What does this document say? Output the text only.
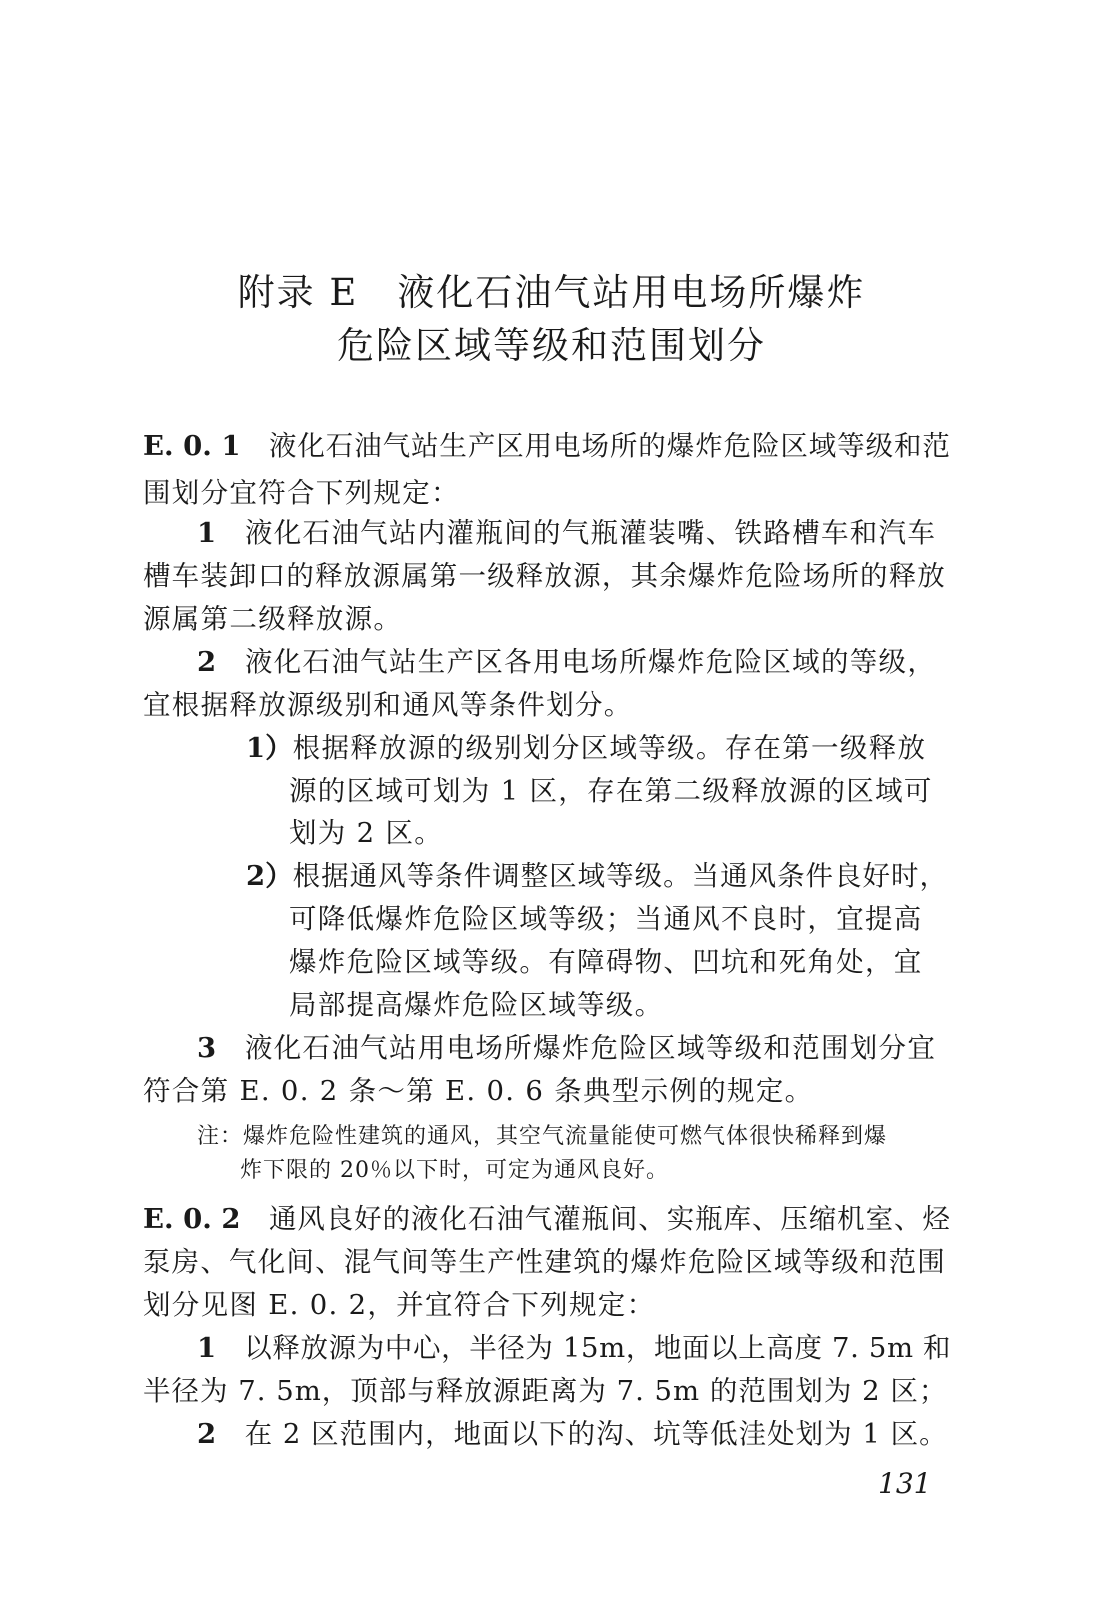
附录 E　液化石油气站用电场所爆炸
危险区域等级和范围划分
E. 0. 1　 液化石油气站生产区用电场所的爆炸危险区域等级和范
围划分宜符合下列规定：
1　 液化石油气站内灌瓶间的气瓶灌装嘴、铁路槽车和汽车
槽车装卸口的释放源属第一级释放源，其余爆炸危险场所的释放
源属第二级释放源。
2　 液化石油气站生产区各用电场所爆炸危险区域的等级，
宜根据释放源级别和通风等条件划分。
1）根据释放源的级别划分区域等级。存在第一级释放
源的区域可划为 1 区，存在第二级释放源的区域可
划为 2 区。
2）根据通风等条件调整区域等级。当通风条件良好时，
可降低爆炸危险区域等级；当通风不良时，宜提高
爆炸危险区域等级。有障碍物、凹坑和死角处，宜
局部提高爆炸危险区域等级。
3　 液化石油气站用电场所爆炸危险区域等级和范围划分宜
符合第 E. 0. 2 条～第 E. 0. 6 条典型示例的规定。
注：爆炸危险性建筑的通风，其空气流量能使可燃气体很快稀释到爆
炸下限的 20％以下时，可定为通风良好。
E. 0. 2　 通风良好的液化石油气灌瓶间、实瓶库、压缩机室、烃
泵房、气化间、混气间等生产性建筑的爆炸危险区域等级和范围
划分见图 E. 0. 2，并宜符合下列规定：
1　 以释放源为中心，半径为 15m，地面以上高度 7. 5m 和
半径为 7. 5m，顶部与释放源距离为 7. 5m 的范围划为 2 区；
2　 在 2 区范围内，地面以下的沟、坑等低洼处划为 1 区。
131
